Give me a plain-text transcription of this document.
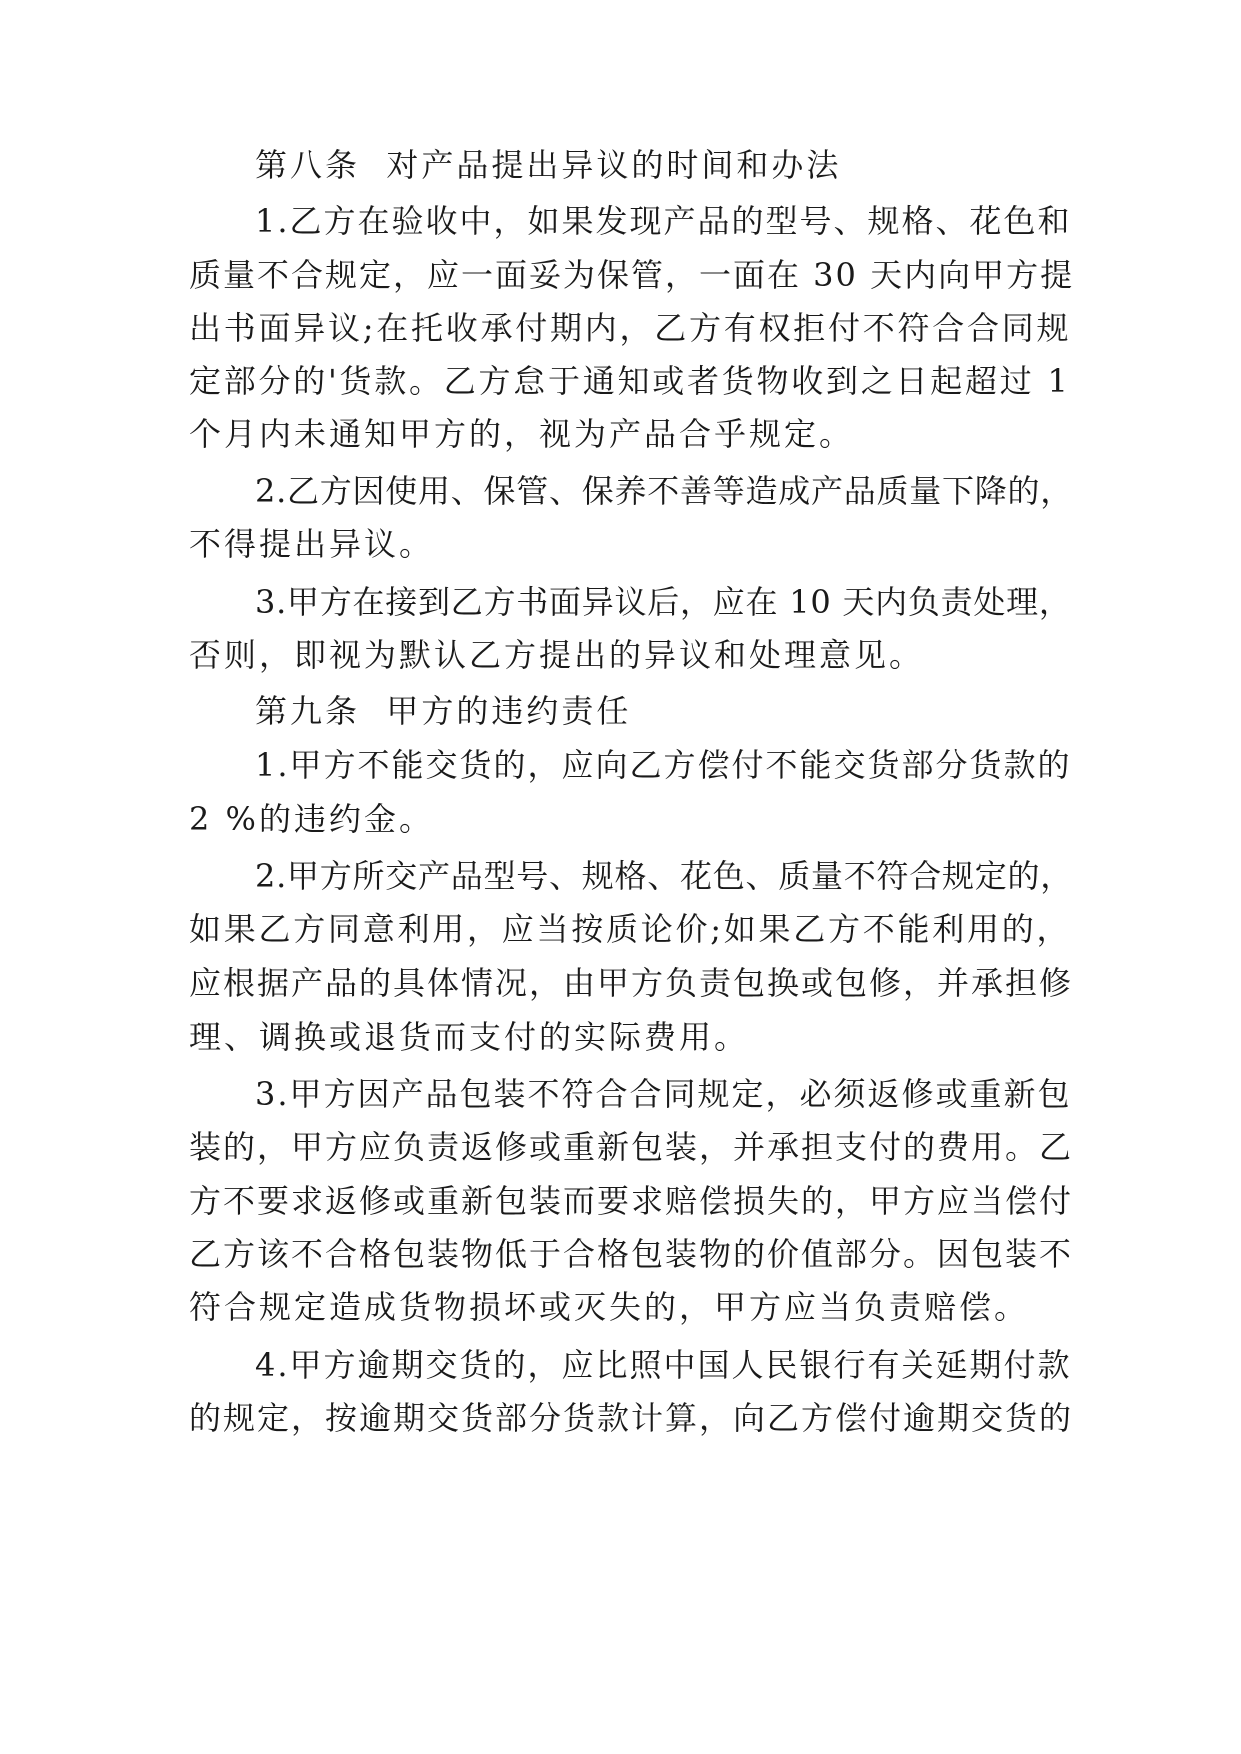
第八条  对产品提出异议的时间和办法
1.乙方在验收中，如果发现产品的型号、规格、花色和
质量不合规定，应一面妥为保管，一面在 30 天内向甲方提
出书面异议;在托收承付期内，乙方有权拒付不符合合同规
定部分的'货款。乙方怠于通知或者货物收到之日起超过 1
个月内未通知甲方的，视为产品合乎规定。
2.乙方因使用、保管、保养不善等造成产品质量下降的，
不得提出异议。
3.甲方在接到乙方书面异议后，应在 10 天内负责处理，
否则，即视为默认乙方提出的异议和处理意见。
第九条  甲方的违约责任
1.甲方不能交货的，应向乙方偿付不能交货部分货款的
2 %的违约金。
2.甲方所交产品型号、规格、花色、质量不符合规定的，
如果乙方同意利用，应当按质论价;如果乙方不能利用的，
应根据产品的具体情况，由甲方负责包换或包修，并承担修
理、调换或退货而支付的实际费用。
3.甲方因产品包装不符合合同规定，必须返修或重新包
装的，甲方应负责返修或重新包装，并承担支付的费用。乙
方不要求返修或重新包装而要求赔偿损失的，甲方应当偿付
乙方该不合格包装物低于合格包装物的价值部分。因包装不
符合规定造成货物损坏或灭失的，甲方应当负责赔偿。
4.甲方逾期交货的，应比照中国人民银行有关延期付款
的规定，按逾期交货部分货款计算，向乙方偿付逾期交货的
